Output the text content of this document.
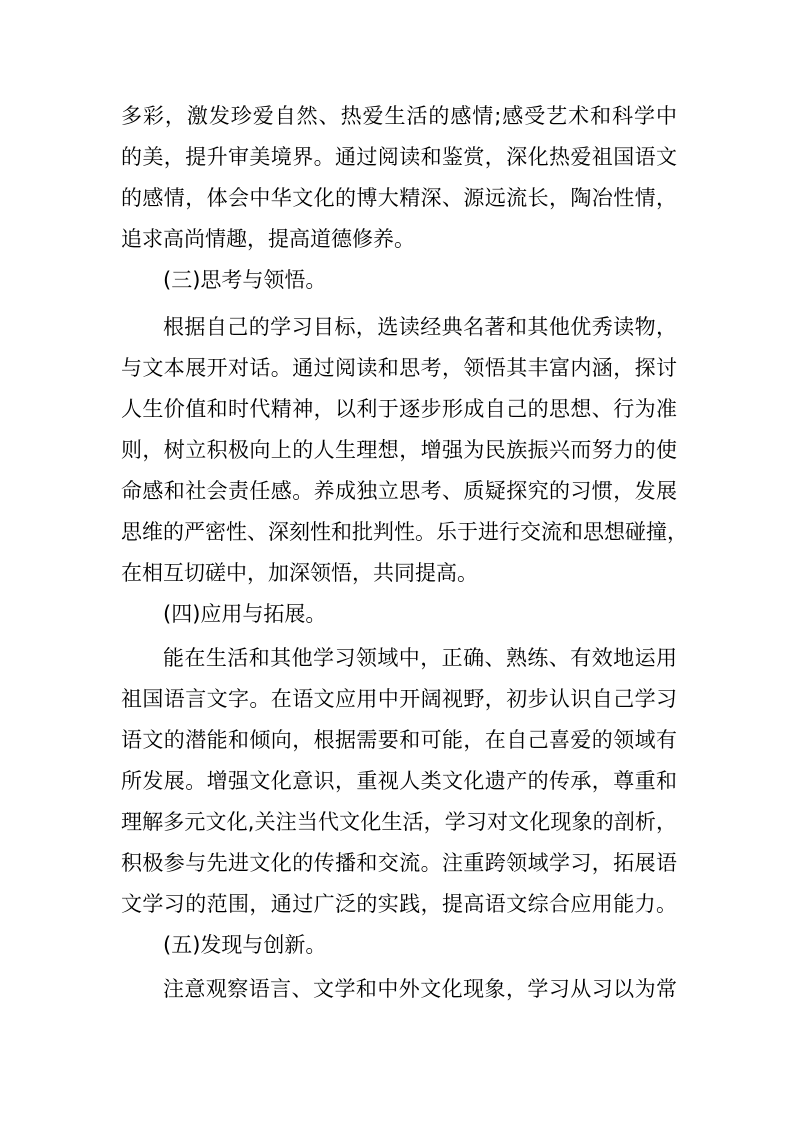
多彩，激发珍爱自然、热爱生活的感情;感受艺术和科学中
的美，提升审美境界。通过阅读和鉴赏，深化热爱祖国语文
的感情，体会中华文化的博大精深、源远流长，陶冶性情，
追求高尚情趣，提高道德修养。
(三)思考与领悟。
根据自己的学习目标，选读经典名著和其他优秀读物，
与文本展开对话。通过阅读和思考，领悟其丰富内涵，探讨
人生价值和时代精神，以利于逐步形成自己的思想、行为准
则，树立积极向上的人生理想，增强为民族振兴而努力的使
命感和社会责任感。养成独立思考、质疑探究的习惯，发展
思维的严密性、深刻性和批判性。乐于进行交流和思想碰撞，
在相互切磋中，加深领悟，共同提高。
(四)应用与拓展。
能在生活和其他学习领域中，正确、熟练、有效地运用
祖国语言文字。在语文应用中开阔视野，初步认识自己学习
语文的潜能和倾向，根据需要和可能，在自己喜爱的领域有
所发展。增强文化意识，重视人类文化遗产的传承，尊重和
理解多元文化,关注当代文化生活，学习对文化现象的剖析，
积极参与先进文化的传播和交流。注重跨领域学习，拓展语
文学习的范围，通过广泛的实践，提高语文综合应用能力。
(五)发现与创新。
注意观察语言、文学和中外文化现象，学习从习以为常
